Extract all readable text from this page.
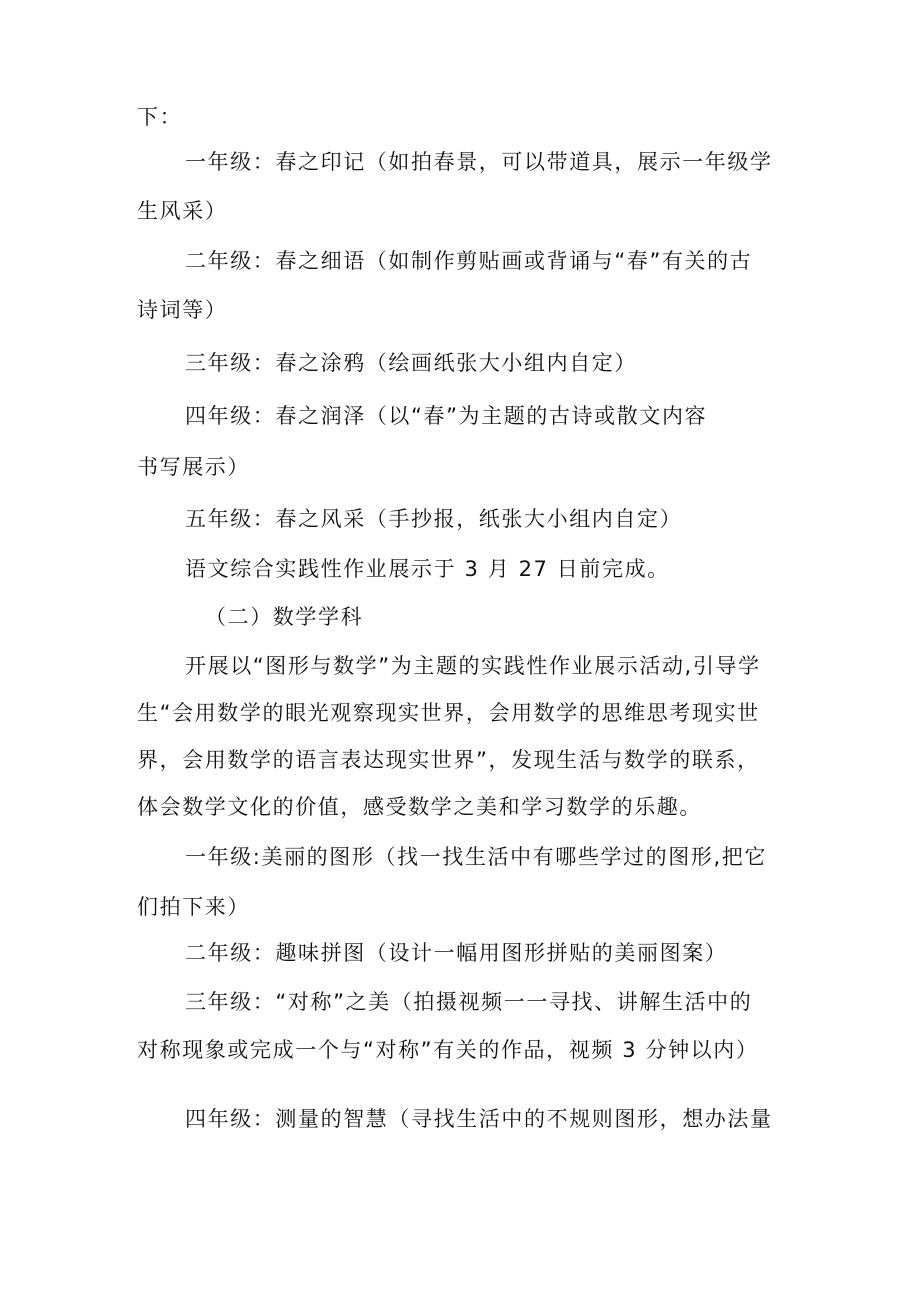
下：
一年级：春之印记（如拍春景，可以带道具，展示一年级学
生风采）
二年级：春之细语（如制作剪贴画或背诵与“春”有关的古
诗词等）
三年级：春之涂鸦（绘画纸张大小组内自定）
四年级：春之润泽（以“春”为主题的古诗或散文内容
书写展示）
五年级：春之风采（手抄报，纸张大小组内自定）
语文综合实践性作业展示于 3 月 27 日前完成。
（二）数学学科
开展以“图形与数学”为主题的实践性作业展示活动,引导学
生“会用数学的眼光观察现实世界，会用数学的思维思考现实世
界，会用数学的语言表达现实世界”，发现生活与数学的联系，
体会数学文化的价值，感受数学之美和学习数学的乐趣。
一年级:美丽的图形（找一找生活中有哪些学过的图形,把它
们拍下来）
二年级：趣味拼图（设计一幅用图形拼贴的美丽图案）
三年级：“对称”之美（拍摄视频一一寻找、讲解生活中的
对称现象或完成一个与“对称”有关的作品，视频 3 分钟以内）
四年级：测量的智慧（寻找生活中的不规则图形，想办法量
